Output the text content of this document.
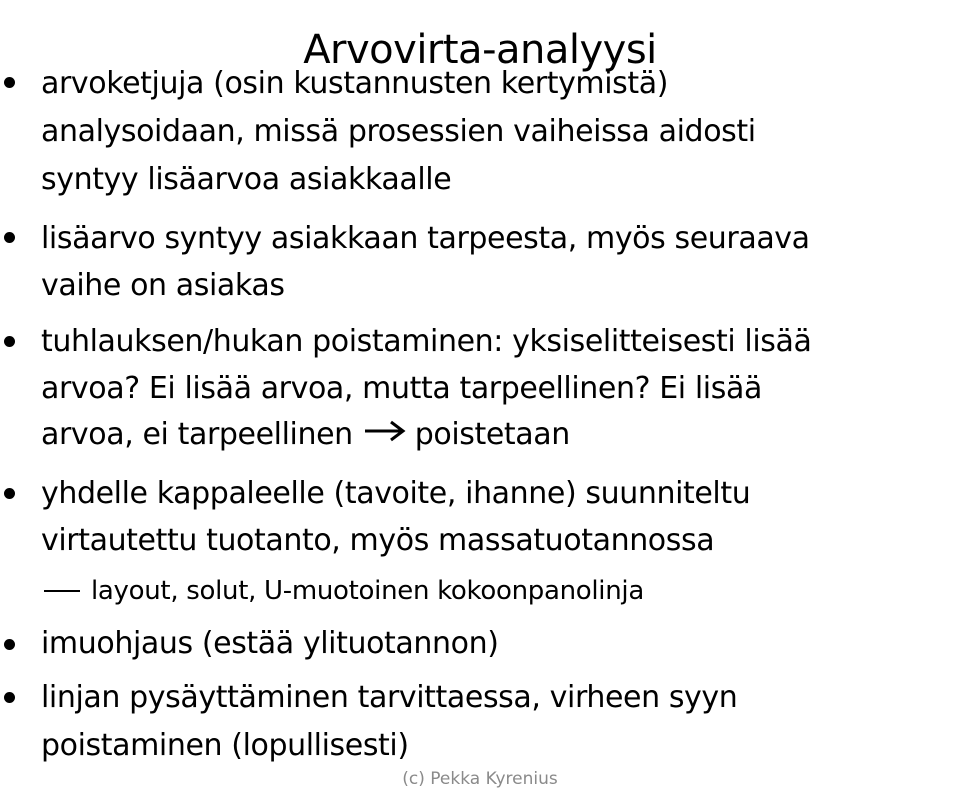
Arvovirta-analyysi
arvoketjuja (osin kustannusten kertymistä)
analysoidaan, missä prosessien vaiheissa aidosti
syntyy lisäarvoa asiakkaalle
lisäarvo syntyy asiakkaan tarpeesta, myös seuraava
vaihe on asiakas
tuhlauksen/hukan poistaminen: yksiselitteisesti lisää
arvoa? Ei lisää arvoa, mutta tarpeellinen? Ei lisää
arvoa, ei tarpeellinen poistetaan
yhdelle kappaleelle (tavoite, ihanne) suunniteltu
virtautettu tuotanto, myös massatuotannossa
layout, solut, U-muotoinen kokoonpanolinja
imuohjaus (estää ylituotannon)
linjan pysäyttäminen tarvittaessa, virheen syyn
poistaminen (lopullisesti)
(c) Pekka Kyrenius
